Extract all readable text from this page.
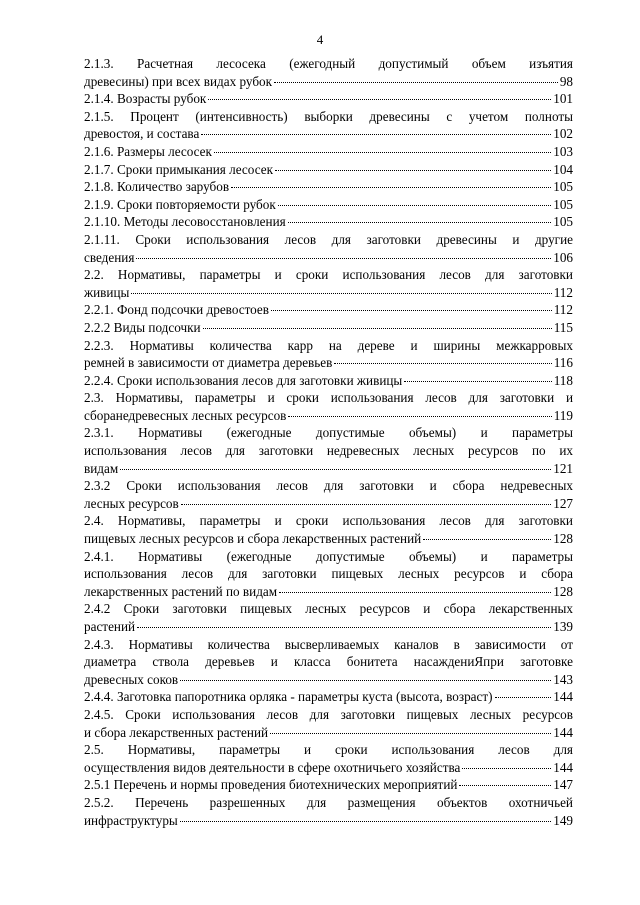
4
2.1.3. Расчетная лесосека (ежегодный допустимый объем изъятия
древесины) при всех видах рубок	98
2.1.4. Возрасты рубок	101
2.1.5. Процент (интенсивность) выборки древесины с учетом полноты
древостоя, и состава	102
2.1.6. Размеры лесосек	103
2.1.7. Сроки примыкания лесосек	104
2.1.8. Количество зарубов	105
2.1.9. Сроки повторяемости рубок	105
2.1.10. Методы лесовосстановления	105
2.1.11. Сроки использования лесов для заготовки древесины и другие
сведения	106
2.2. Нормативы, параметры и сроки использования лесов для заготовки
живицы	112
2.2.1. Фонд подсочки древостоев	112
2.2.2 Виды подсочки	115
2.2.3. Нормативы количества карр на дереве и ширины межкарровых
ремней в зависимости от диаметра деревьев	116
2.2.4. Сроки использования лесов для заготовки живицы	118
2.3. Нормативы, параметры и сроки использования лесов для заготовки и
сборанедревесных лесных ресурсов	119
2.3.1. Нормативы (ежегодные допустимые объемы) и параметры
использования лесов для заготовки недревесных лесных ресурсов по их
видам	121
2.3.2 Сроки использования лесов для заготовки и сбора недревесных
лесных ресурсов	127
2.4. Нормативы, параметры и сроки использования лесов для заготовки
пищевых лесных ресурсов и сбора лекарственных растений	128
2.4.1. Нормативы (ежегодные допустимые объемы) и параметры
использования лесов для заготовки пищевых лесных ресурсов и сбора
лекарственных растений по видам	128
2.4.2 Сроки заготовки пищевых лесных ресурсов и сбора лекарственных
растений	139
2.4.3. Нормативы количества высверливаемых каналов в зависимости от
диаметра ствола деревьев и класса бонитета насаждениЯпри заготовке
древесных соков	143
2.4.4. Заготовка папоротника орляка - параметры куста (высота, возраст)	144
2.4.5. Сроки использования лесов для заготовки пищевых лесных ресурсов
и сбора лекарственных растений	144
2.5. Нормативы, параметры и сроки использования лесов для
осуществления видов деятельности в сфере охотничьего хозяйства	144
2.5.1 Перечень и нормы проведения биотехнических мероприятий	147
2.5.2. Перечень разрешенных для размещения объектов охотничьей
инфраструктуры	149
